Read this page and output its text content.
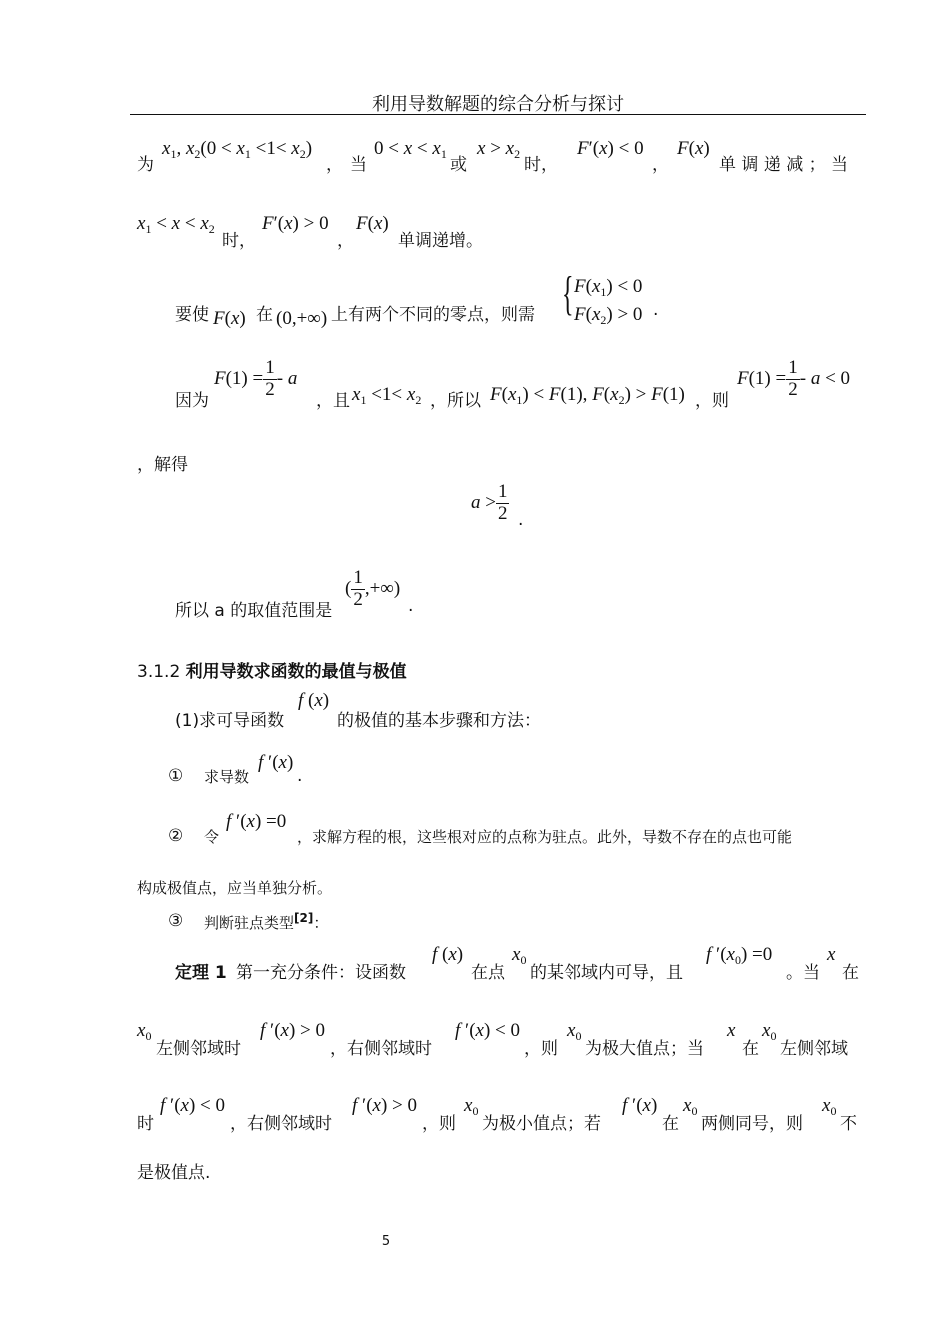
利用导数解题的综合分析与探讨
为
$x_1$, $x_2(0 < x_1 <1< x_2)$
， 当
$0 < x < x_1$
或
$x > x_2$
时，
F′(x) < 0
，
F(x)
单 调 递 减 ； 当
$x_1 < x < x_2$
时，
F′(x) > 0
，
F(x)
单调递增。
要使 F(x) 在 (0,+∞) 上有两个不同的零点，则需 { $F(x_1) < 0$
$F(x_2) > 0$ .
因为
$F(1) = \frac{1}{2} - a$
，且 $x_1 <1< x_2$ ，所以 $F(x_1) < F(1)$, $F(x_2) > F(1)$ ，则
$F(1) = \frac{1}{2} - a < 0$
，解得
$a > \frac{1}{2}$ .
所以 a 的取值范围是
( $\frac{1}{2}$ ,+∞)
.
3.1.2 利用导数求函数的最值与极值
(1)求可导函数
f (x)
的极值的基本步骤和方法：
① 求导数
f ′(x)
.
② 令
f ′(x) =0
，求解方程的根，这些根对应的点称为驻点。此外，导数不存在的点也可能
构成极值点，应当单独分析。
③ 判断驻点类型[2]：
定理 1 第一充分条件：设函数
f (x)
在点
$x_0$
的某邻域内可导，且
f $'(x_0) =0$
。当
x
在
$x_0$
左侧邻域时
f ′(x) > 0
，右侧邻域时
f ′(x) < 0
，则
$x_0$
为极大值点；当
x
在
$x_0$
左侧邻域
时
f ′(x) < 0
，右侧邻域时
f ′(x) > 0
，则
$x_0$
为极小值点；若
f ′(x)
在
$x_0$
两侧同号，则
$x_0$
不
是极值点.
5
